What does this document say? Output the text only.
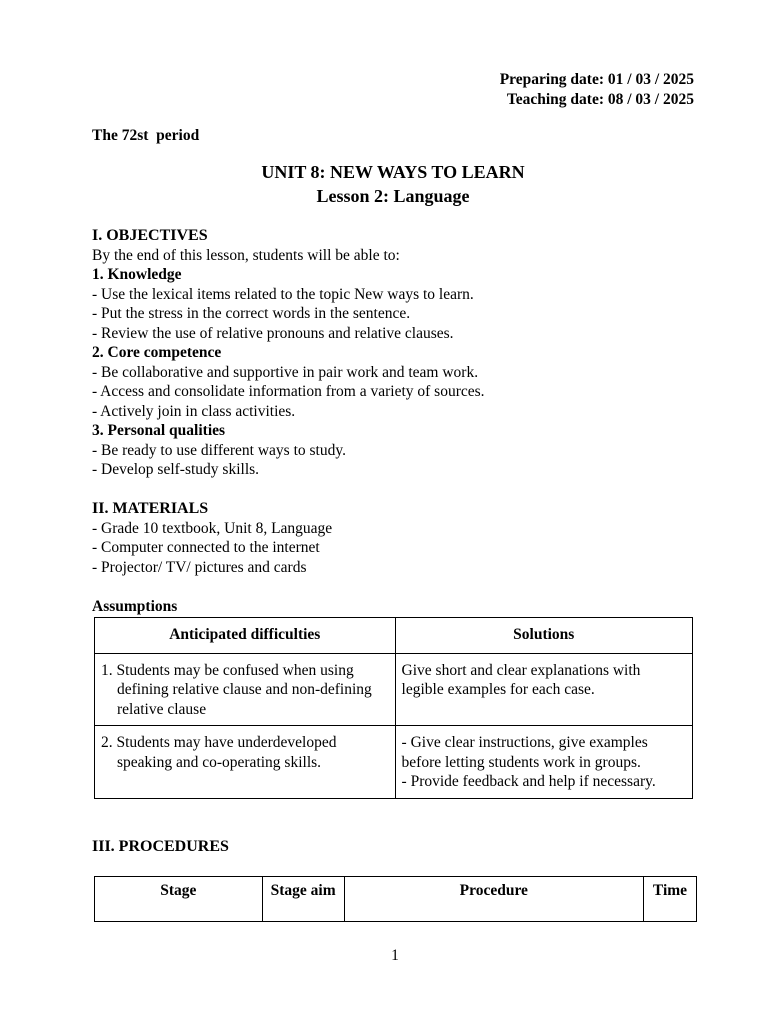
Preparing date: 01 / 03 / 2025
Teaching date: 08 / 03 / 2025
The 72st  period
UNIT 8: NEW WAYS TO LEARN
Lesson 2: Language
I. OBJECTIVES
By the end of this lesson, students will be able to:
1. Knowledge
- Use the lexical items related to the topic New ways to learn.
- Put the stress in the correct words in the sentence.
- Review the use of relative pronouns and relative clauses.
2. Core competence
- Be collaborative and supportive in pair work and team work.
- Access and consolidate information from a variety of sources.
- Actively join in class activities.
3. Personal qualities
- Be ready to use different ways to study.
- Develop self-study skills.
II. MATERIALS
- Grade 10 textbook, Unit 8, Language
- Computer connected to the internet
- Projector/ TV/ pictures and cards
Assumptions
Anticipated difficulties	Solutions

1. Students may be confused when using defining relative clause and non-defining relative clause	Give short and clear explanations with legible examples for each case.

2. Students may have underdeveloped speaking and co-operating skills.	- Give clear instructions, give examples before letting students work in groups.
- Provide feedback and help if necessary.
III. PROCEDURES
Stage	Stage aim	Procedure	Time
1
